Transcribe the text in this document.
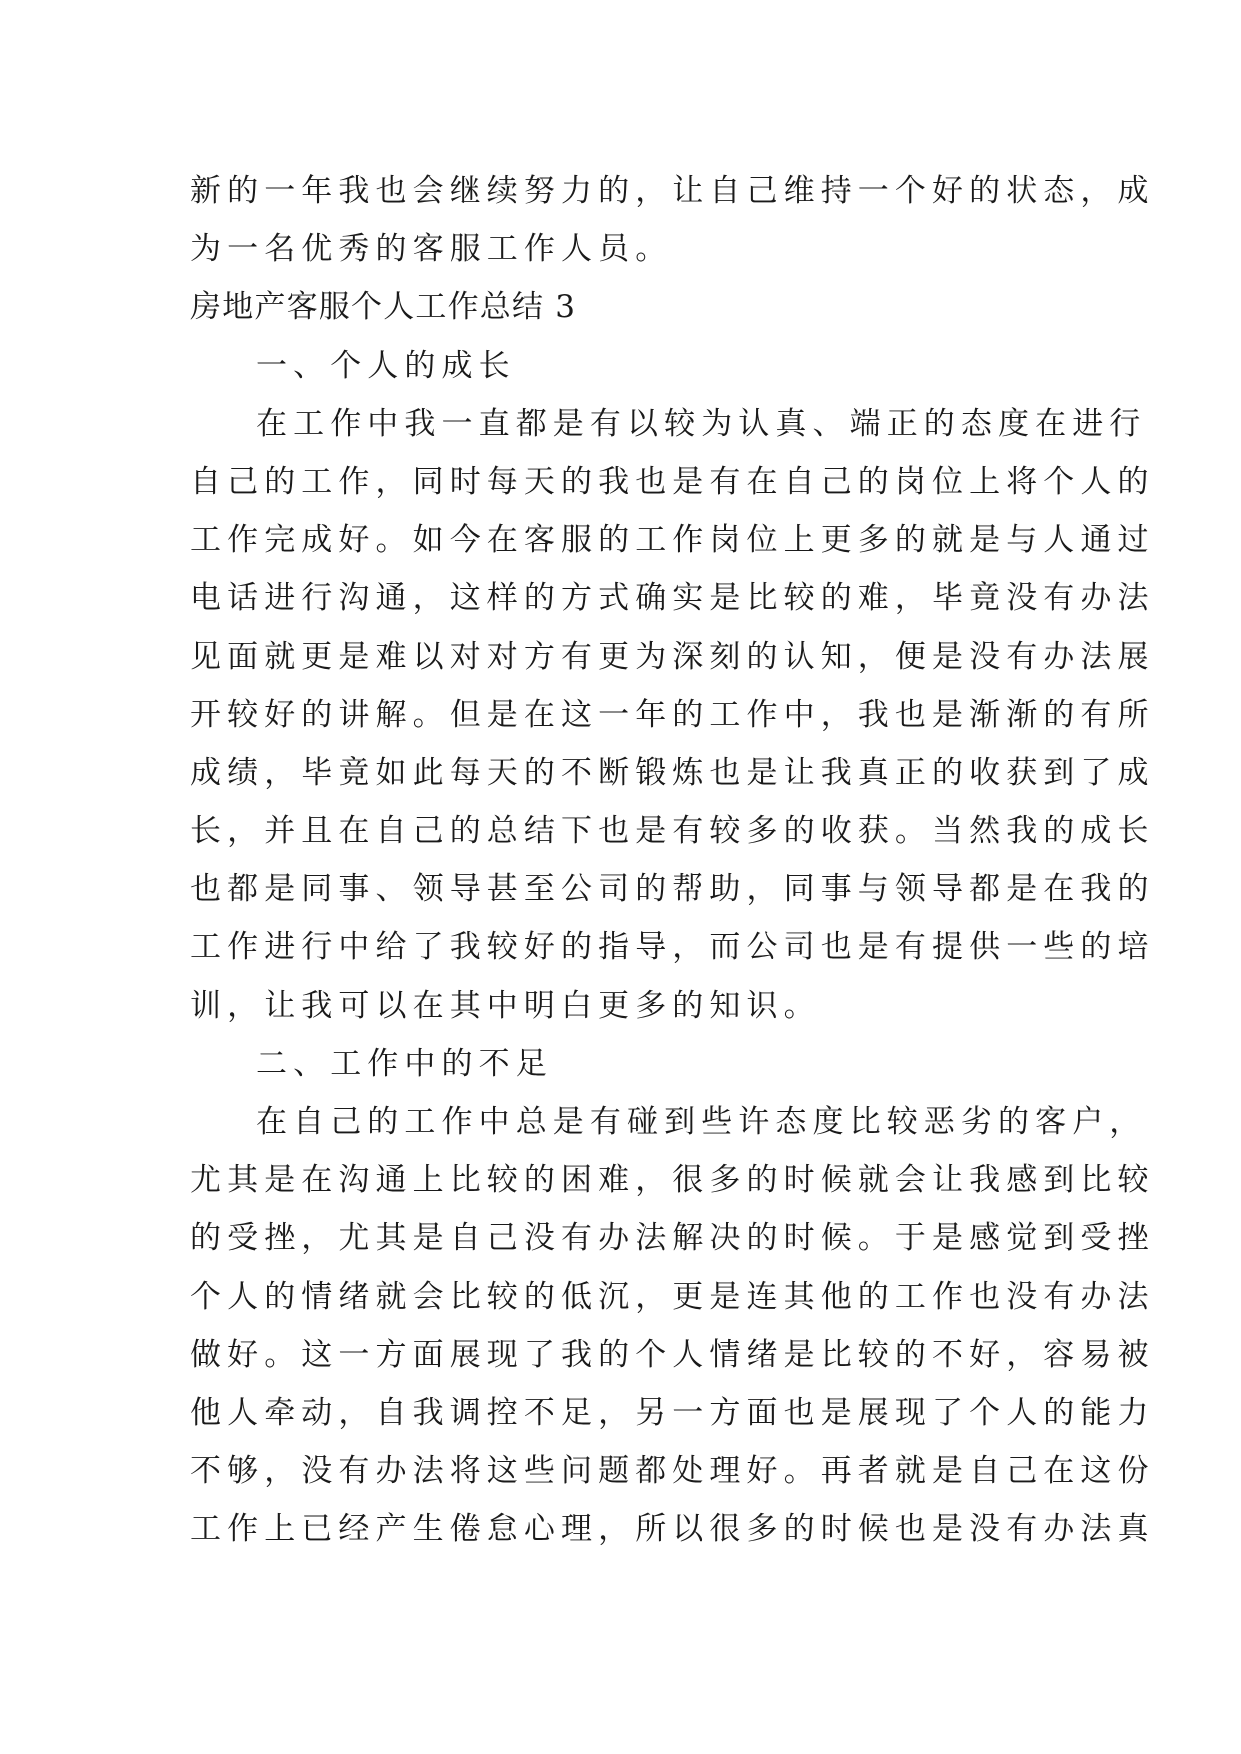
新的一年我也会继续努力的，让自己维持一个好的状态，成
为一名优秀的客服工作人员。
房地产客服个人工作总结 3
一、个人的成长
在工作中我一直都是有以较为认真、端正的态度在进行
自己的工作，同时每天的我也是有在自己的岗位上将个人的
工作完成好。如今在客服的工作岗位上更多的就是与人通过
电话进行沟通，这样的方式确实是比较的难，毕竟没有办法
见面就更是难以对对方有更为深刻的认知，便是没有办法展
开较好的讲解。但是在这一年的工作中，我也是渐渐的有所
成绩，毕竟如此每天的不断锻炼也是让我真正的收获到了成
长，并且在自己的总结下也是有较多的收获。当然我的成长
也都是同事、领导甚至公司的帮助，同事与领导都是在我的
工作进行中给了我较好的指导，而公司也是有提供一些的培
训，让我可以在其中明白更多的知识。
二、工作中的不足
在自己的工作中总是有碰到些许态度比较恶劣的客户，
尤其是在沟通上比较的困难，很多的时候就会让我感到比较
的受挫，尤其是自己没有办法解决的时候。于是感觉到受挫
个人的情绪就会比较的低沉，更是连其他的工作也没有办法
做好。这一方面展现了我的个人情绪是比较的不好，容易被
他人牵动，自我调控不足，另一方面也是展现了个人的能力
不够，没有办法将这些问题都处理好。再者就是自己在这份
工作上已经产生倦怠心理，所以很多的时候也是没有办法真
